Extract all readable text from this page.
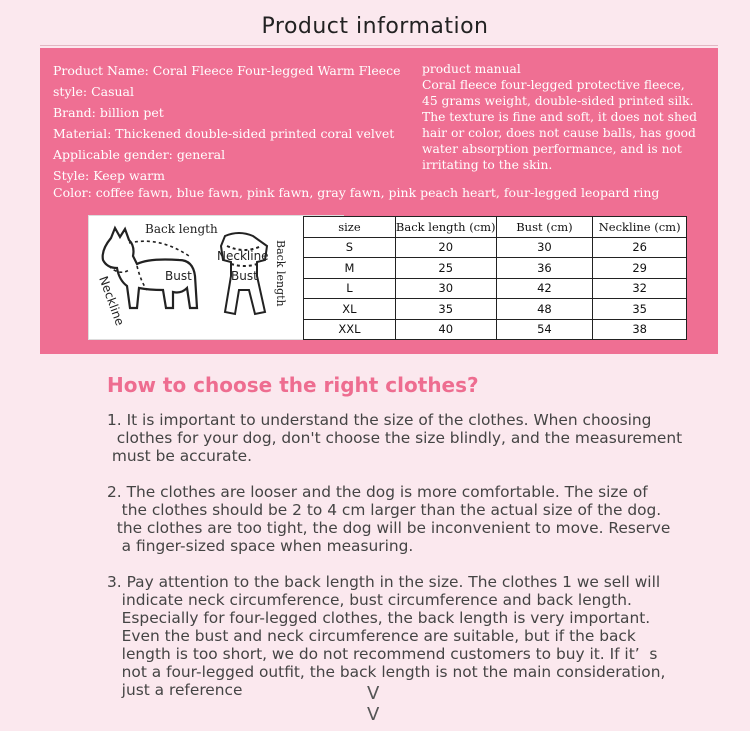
Product information
Product Name: Coral Fleece Four-legged Warm Fleece
style: Casual
Brand: billion pet
Material: Thickened double-sided printed coral velvet
Applicable gender: general
Style: Keep warm
product manual
Coral fleece four-legged protective fleece,
45 grams weight, double-sided printed silk.
The texture is fine and soft, it does not shed
hair or color, does not cause balls, has good
water absorption performance, and is not
irritating to the skin.
Color: coffee fawn, blue fawn, pink fawn, gray fawn, pink peach heart, four-legged leopard ring
Back length
Bust
Neckline
Neckline
Bust Back length
size	Back length (cm)	Bust (cm)	Neckline (cm)
S	20	30	26
M	25	36	29
L	30	42	32
XL	35	48	35
XXL	40	54	38
How to choose the right clothes?
1. It is important to understand the size of the clothes. When choosing
clothes for your dog, don't choose the size blindly, and the measurement
must be accurate.
2. The clothes are looser and the dog is more comfortable. The size of
the clothes should be 2 to 4 cm larger than the actual size of the dog.
the clothes are too tight, the dog will be inconvenient to move. Reserve
a finger-sized space when measuring.
3. Pay attention to the back length in the size. The clothes 1 we sell will
indicate neck circumference, bust circumference and back length.
Especially for four-legged clothes, the back length is very important.
Even the bust and neck circumference are suitable, but if the back
length is too short, we do not recommend customers to buy it. If it’  s
not a four-legged outfit, the back length is not the main consideration,
just a reference	V
V
